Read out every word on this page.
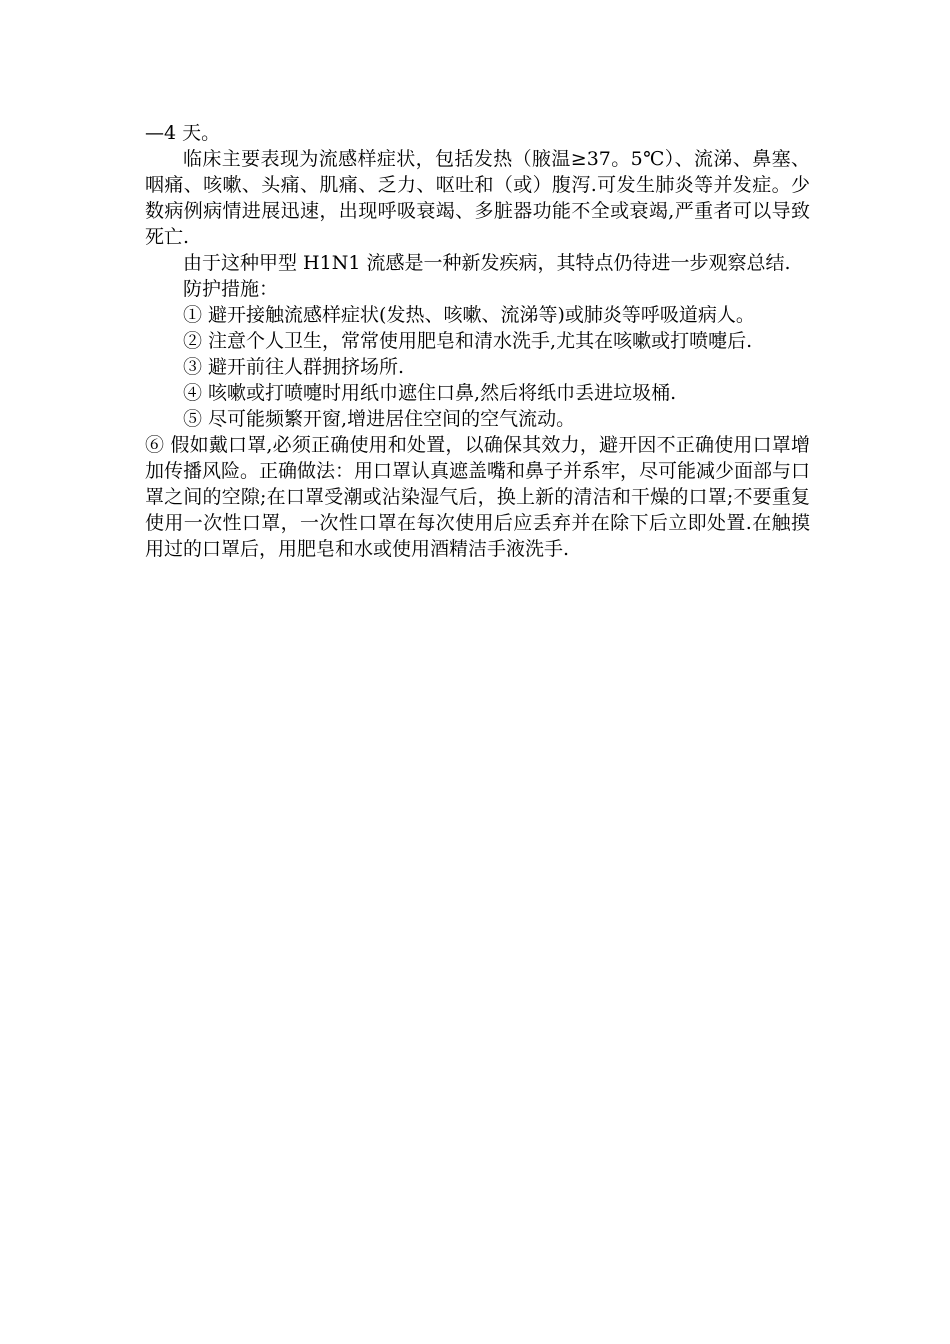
—4 天。

临床主要表现为流感样症状，包括发热（腋温≥37。5℃）、流涕、鼻塞、咽痛、咳嗽、头痛、肌痛、乏力、呕吐和（或）腹泻.可发生肺炎等并发症。少数病例病情进展迅速，出现呼吸衰竭、多脏器功能不全或衰竭,严重者可以导致死亡.

由于这种甲型 H1N1 流感是一种新发疾病，其特点仍待进一步观察总结.

防护措施：

① 避开接触流感样症状(发热、咳嗽、流涕等)或肺炎等呼吸道病人。

② 注意个人卫生，常常使用肥皂和清水洗手,尤其在咳嗽或打喷嚏后.

③ 避开前往人群拥挤场所.

④ 咳嗽或打喷嚏时用纸巾遮住口鼻,然后将纸巾丢进垃圾桶.

⑤ 尽可能频繁开窗,增进居住空间的空气流动。

⑥ 假如戴口罩,必须正确使用和处置，以确保其效力，避开因不正确使用口罩增加传播风险。正确做法：用口罩认真遮盖嘴和鼻子并系牢，尽可能减少面部与口罩之间的空隙;在口罩受潮或沾染湿气后，换上新的清洁和干燥的口罩;不要重复使用一次性口罩，一次性口罩在每次使用后应丢弃并在除下后立即处置.在触摸用过的口罩后，用肥皂和水或使用酒精洁手液洗手.
